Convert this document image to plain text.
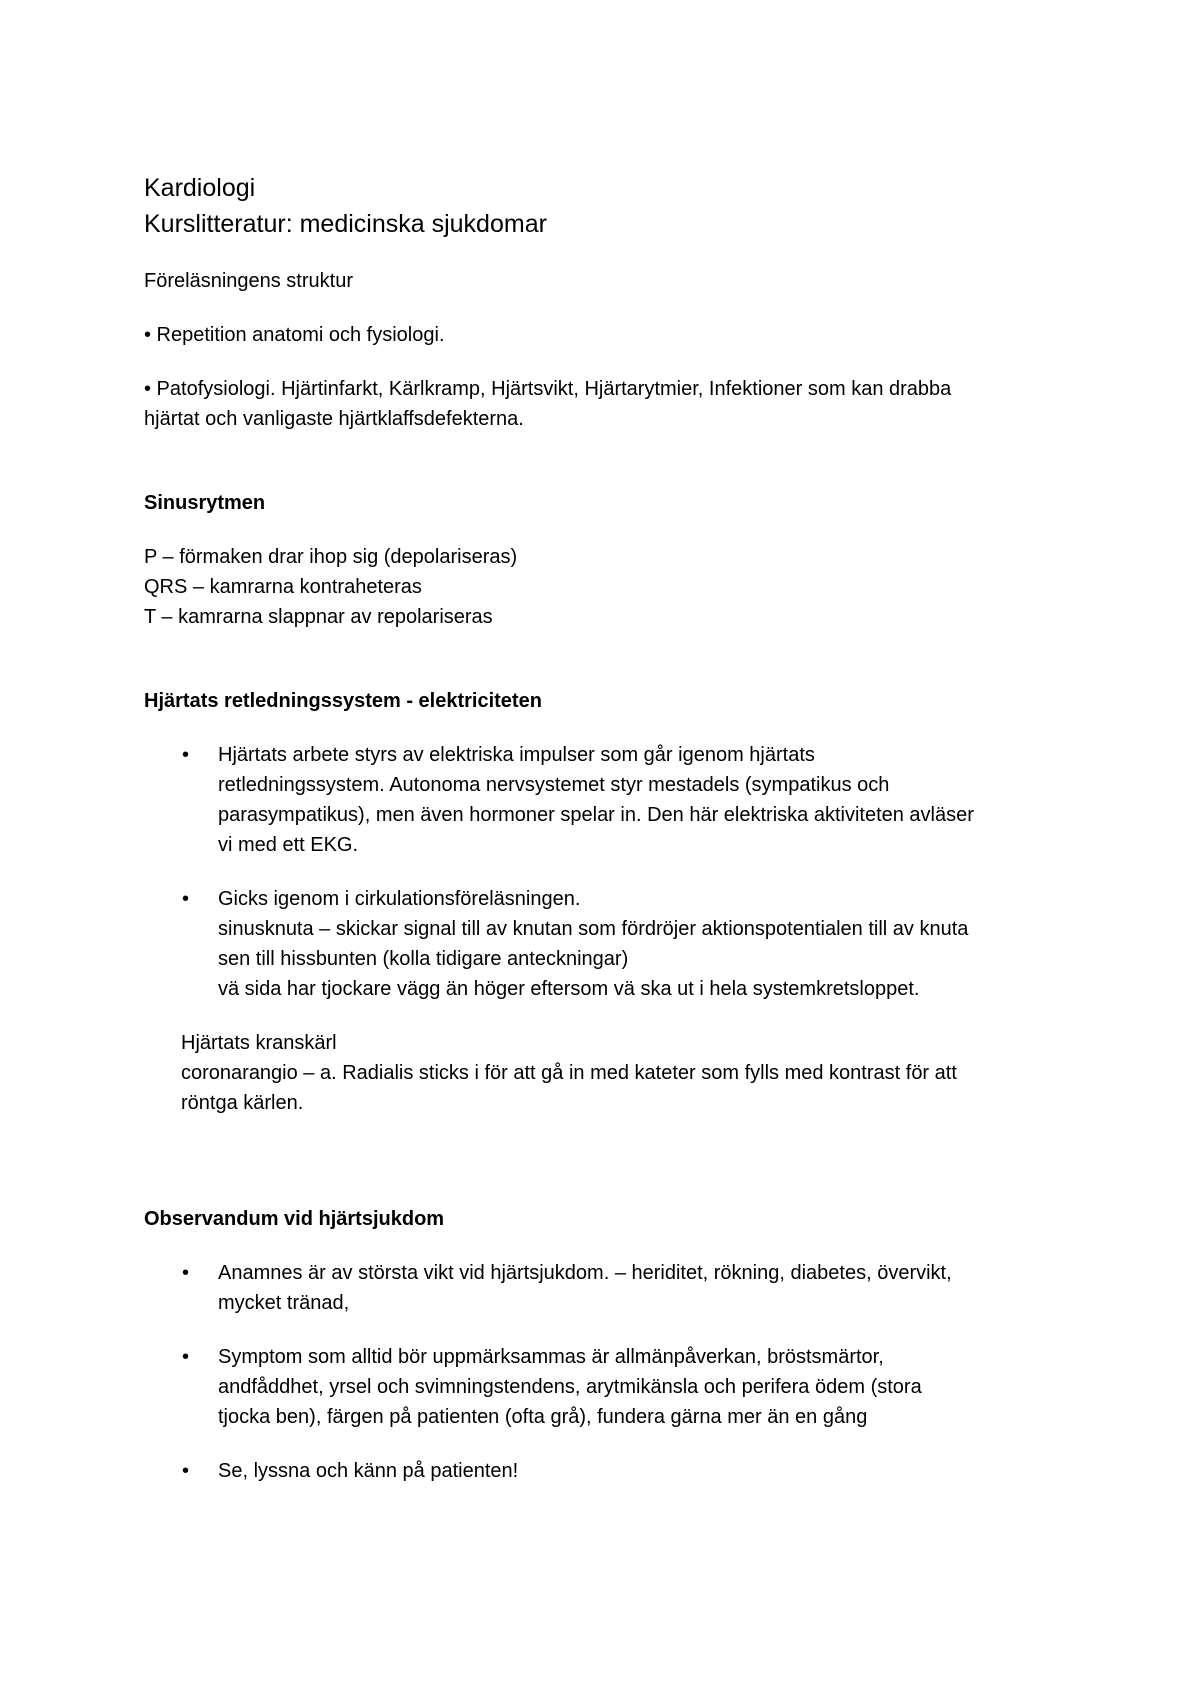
Kardiologi

Kurslitteratur: medicinska sjukdomar

Föreläsningens struktur

• Repetition anatomi och fysiologi.

• Patofysiologi. Hjärtinfarkt, Kärlkramp, Hjärtsvikt, Hjärtarytmier, Infektioner som kan drabba

hjärtat och vanligaste hjärtklaffsdefekterna.

Sinusrytmen

P – förmaken drar ihop sig (depolariseras)

QRS – kamrarna kontraheteras

T – kamrarna slappnar av repolariseras

Hjärtats retledningssystem - elektriciteten

• Hjärtats arbete styrs av elektriska impulser som går igenom hjärtats
retledningssystem. Autonoma nervsystemet styr mestadels (sympatikus och
parasympatikus), men även hormoner spelar in. Den här elektriska aktiviteten avläser
vi med ett EKG.
• Gicks igenom i cirkulationsföreläsningen.
sinusknuta – skickar signal till av knutan som fördröjer aktionspotentialen till av knuta
sen till hissbunten (kolla tidigare anteckningar)
vä sida har tjockare vägg än höger eftersom vä ska ut i hela systemkretsloppet.

Hjärtats kranskärl

coronarangio – a. Radialis sticks i för att gå in med kateter som fylls med kontrast för att

röntga kärlen.

Observandum vid hjärtsjukdom

• Anamnes är av största vikt vid hjärtsjukdom. – heriditet, rökning, diabetes, övervikt,
mycket tränad,
• Symptom som alltid bör uppmärksammas är allmänpåverkan, bröstsmärtor,
andfåddhet, yrsel och svimningstendens, arytmikänsla och perifera ödem (stora
tjocka ben), färgen på patienten (ofta grå), fundera gärna mer än en gång
• Se, lyssna och känn på patienten!
